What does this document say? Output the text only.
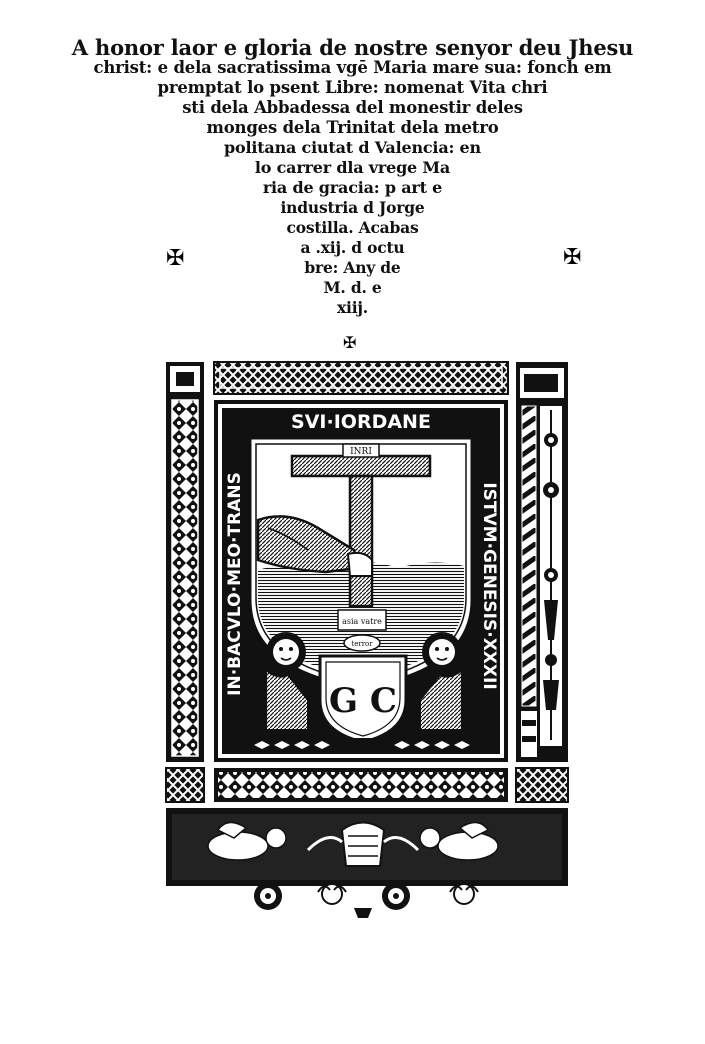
A honor laor e gloria de nostre senyor deu Jhesu
christ: e dela sacratissima vgē Maria mare sua: fonch em
premptat lo psent Libre: nomenat Vita chri
sti dela Abbadessa del monestir deles
monges dela Trinitat dela metro
politana ciutat d Valencia: en
lo carrer dla vrege Ma
ria de gracia: p art e
industria d Jorge
costilla. Acabas
a .xij. d octu
bre: Any de
M. d. e
xiij.
✠	✠
✠
INRI
asia vatre
terror
G C
SVI·IORDANE
IN·BACVLO·MEO·TRANS	ISTVM·GENESIS·XXXII
